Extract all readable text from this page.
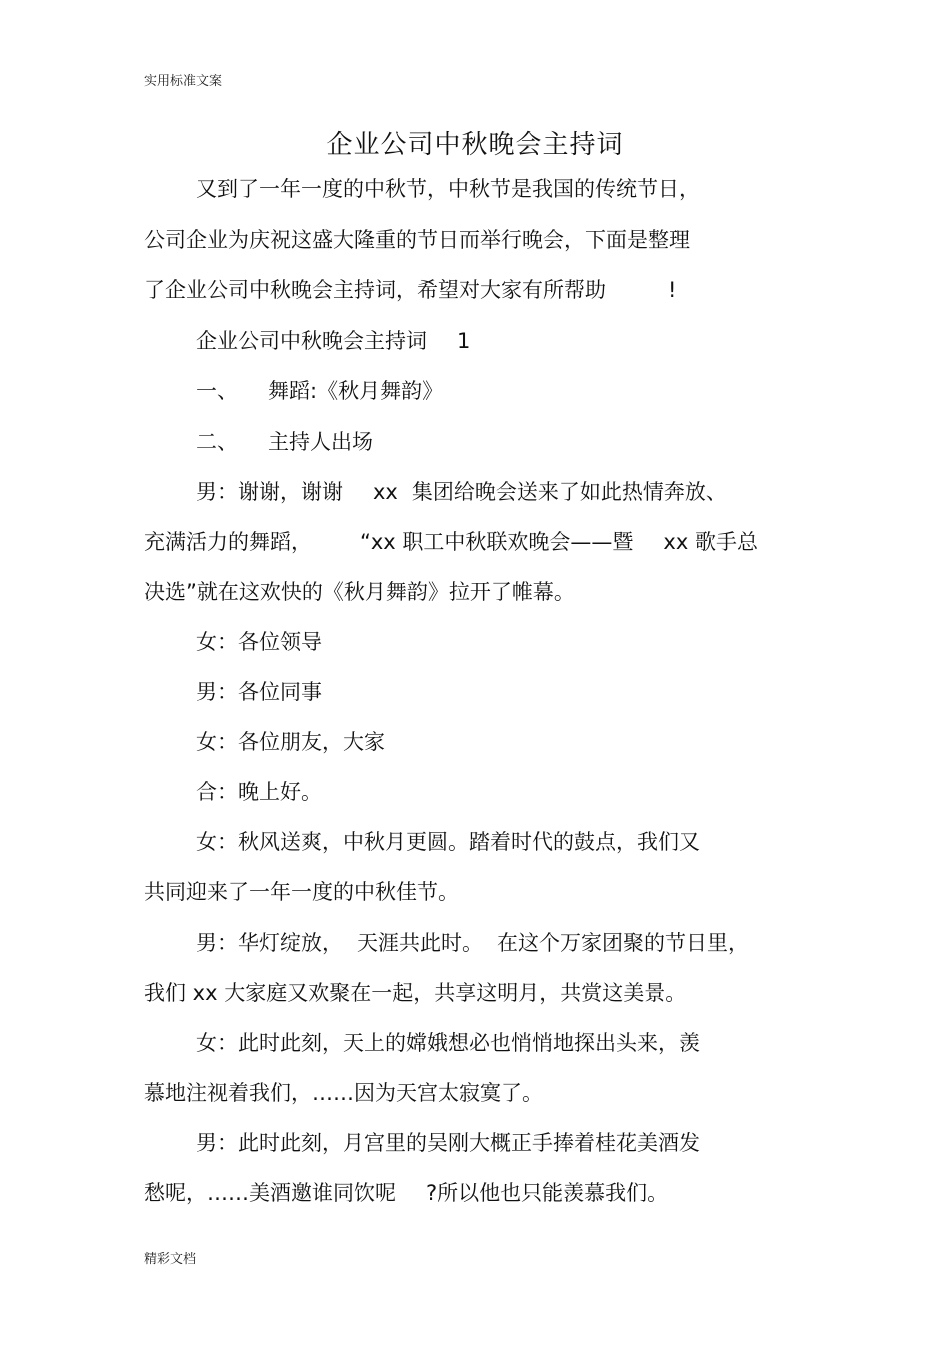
实用标准文案
企业公司中秋晚会主持词
又到了一年一度的中秋节，中秋节是我国的传统节日，
公司企业为庆祝这盛大隆重的节日而举行晚会，下面是整理
了企业公司中秋晚会主持词，希望对大家有所帮助	!
企业公司中秋晚会主持词 1
一、 舞蹈:《秋月舞韵》
二、 主持人出场
男：谢谢，谢谢 xx 集团给晚会送来了如此热情奔放、
充满活力的舞蹈， “xx 职工中秋联欢晚会——暨 xx 歌手总
决选”就在这欢快的《秋月舞韵》拉开了帷幕。
女：各位领导
男：各位同事
女：各位朋友，大家
合：晚上好。
女：秋风送爽，中秋月更圆。踏着时代的鼓点，我们又
共同迎来了一年一度的中秋佳节。
男：华灯绽放， 天涯共此时。 在这个万家团聚的节日里，
我们 xx 大家庭又欢聚在一起，共享这明月，共赏这美景。
女：此时此刻，天上的嫦娥想必也悄悄地探出头来，羡
慕地注视着我们，……因为天宫太寂寞了。
男：此时此刻，月宫里的吴刚大概正手捧着桂花美酒发
愁呢，……美酒邀谁同饮呢 ?所以他也只能羡慕我们。
精彩文档
